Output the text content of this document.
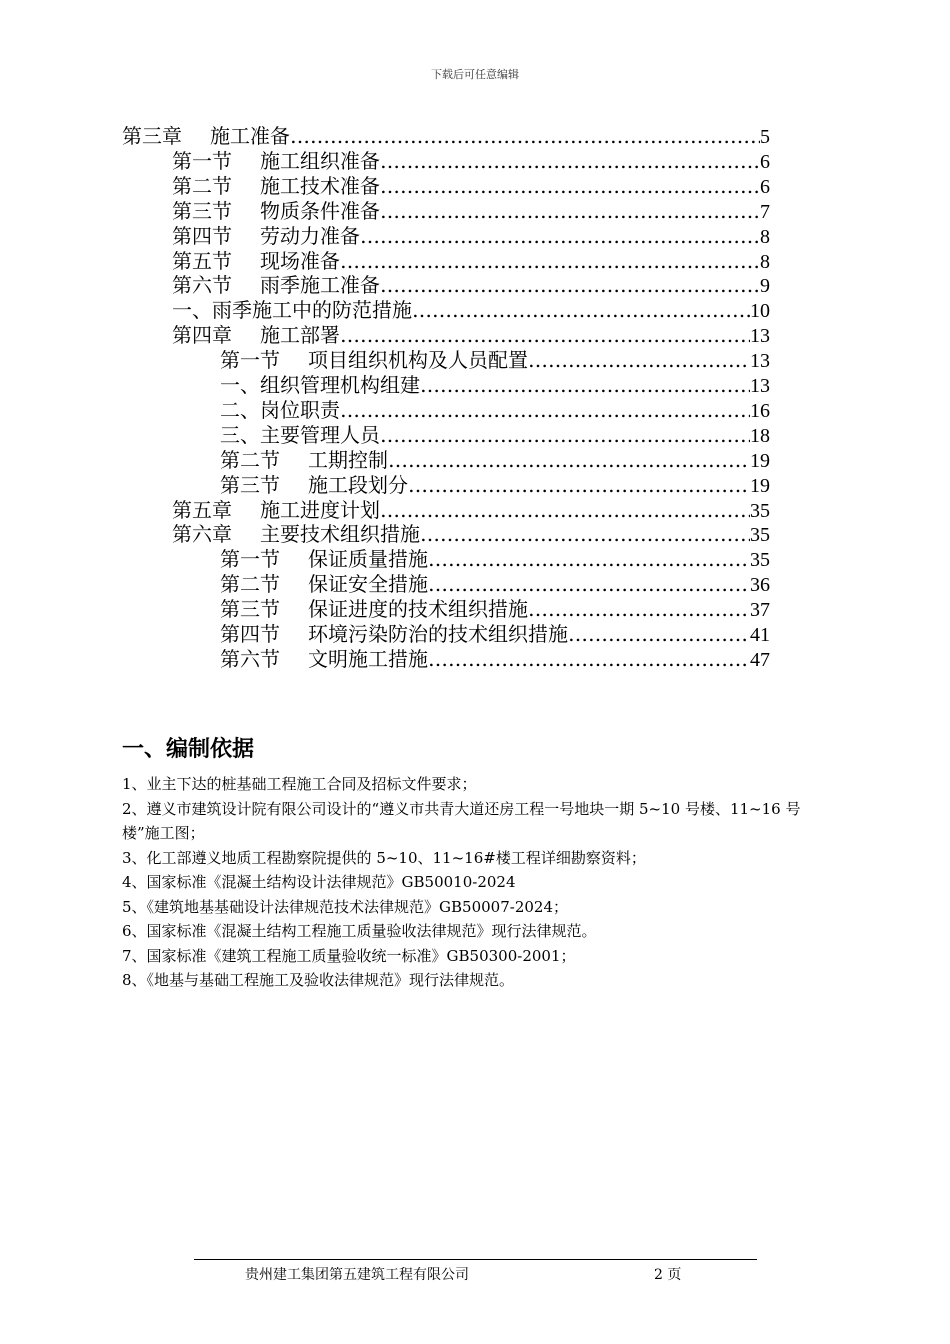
下载后可任意编辑
第三章 施工准备 ……………………………………………………………………………………………………………………………………………………………………………………	5
第一节 施工组织准备 ……………………………………………………………………………………………………………………………………………………………………………………	6
第二节 施工技术准备 ……………………………………………………………………………………………………………………………………………………………………………………	6
第三节 物质条件准备 ……………………………………………………………………………………………………………………………………………………………………………………	7
第四节 劳动力准备 ……………………………………………………………………………………………………………………………………………………………………………………	8
第五节 现场准备 ……………………………………………………………………………………………………………………………………………………………………………………	8
第六节 雨季施工准备 ……………………………………………………………………………………………………………………………………………………………………………………	9
一、雨季施工中的防范措施 ……………………………………………………………………………………………………………………………………………………………………………………	10
第四章 施工部署 ……………………………………………………………………………………………………………………………………………………………………………………	13
第一节 项目组织机构及人员配置 ……………………………………………………………………………………………………………………………………………………………………………………	13
一、组织管理机构组建 ……………………………………………………………………………………………………………………………………………………………………………………	13
二、岗位职责 ……………………………………………………………………………………………………………………………………………………………………………………	16
三、主要管理人员 ……………………………………………………………………………………………………………………………………………………………………………………	18
第二节 工期控制 ……………………………………………………………………………………………………………………………………………………………………………………	19
第三节 施工段划分 ……………………………………………………………………………………………………………………………………………………………………………………	19
第五章 施工进度计划 ……………………………………………………………………………………………………………………………………………………………………………………	35
第六章 主要技术组织措施 ……………………………………………………………………………………………………………………………………………………………………………………	35
第一节 保证质量措施 ……………………………………………………………………………………………………………………………………………………………………………………	35
第二节 保证安全措施 ……………………………………………………………………………………………………………………………………………………………………………………	36
第三节 保证进度的技术组织措施 ……………………………………………………………………………………………………………………………………………………………………………………	37
第四节 环境污染防治的技术组织措施 ……………………………………………………………………………………………………………………………………………………………………………………	41
第六节 文明施工措施 ……………………………………………………………………………………………………………………………………………………………………………………	47
一、编制依据

1、业主下达的桩基础工程施工合同及招标文件要求；

2、遵义市建筑设计院有限公司设计的“遵义市共青大道还房工程一号地块一期 5~10 号楼、11~16 号楼”施工图；

3、化工部遵义地质工程勘察院提供的 5~10、11~16#楼工程详细勘察资料；

4、国家标准《混凝土结构设计法律规范》GB50010-2024

5、《建筑地基基础设计法律规范技术法律规范》GB50007-2024；

6、国家标准《混凝土结构工程施工质量验收法律规范》现行法律规范。

7、国家标准《建筑工程施工质量验收统一标准》GB50300-2001；

8、《地基与基础工程施工及验收法律规范》现行法律规范。

贵州建工集团第五建筑工程有限公司	2 页
